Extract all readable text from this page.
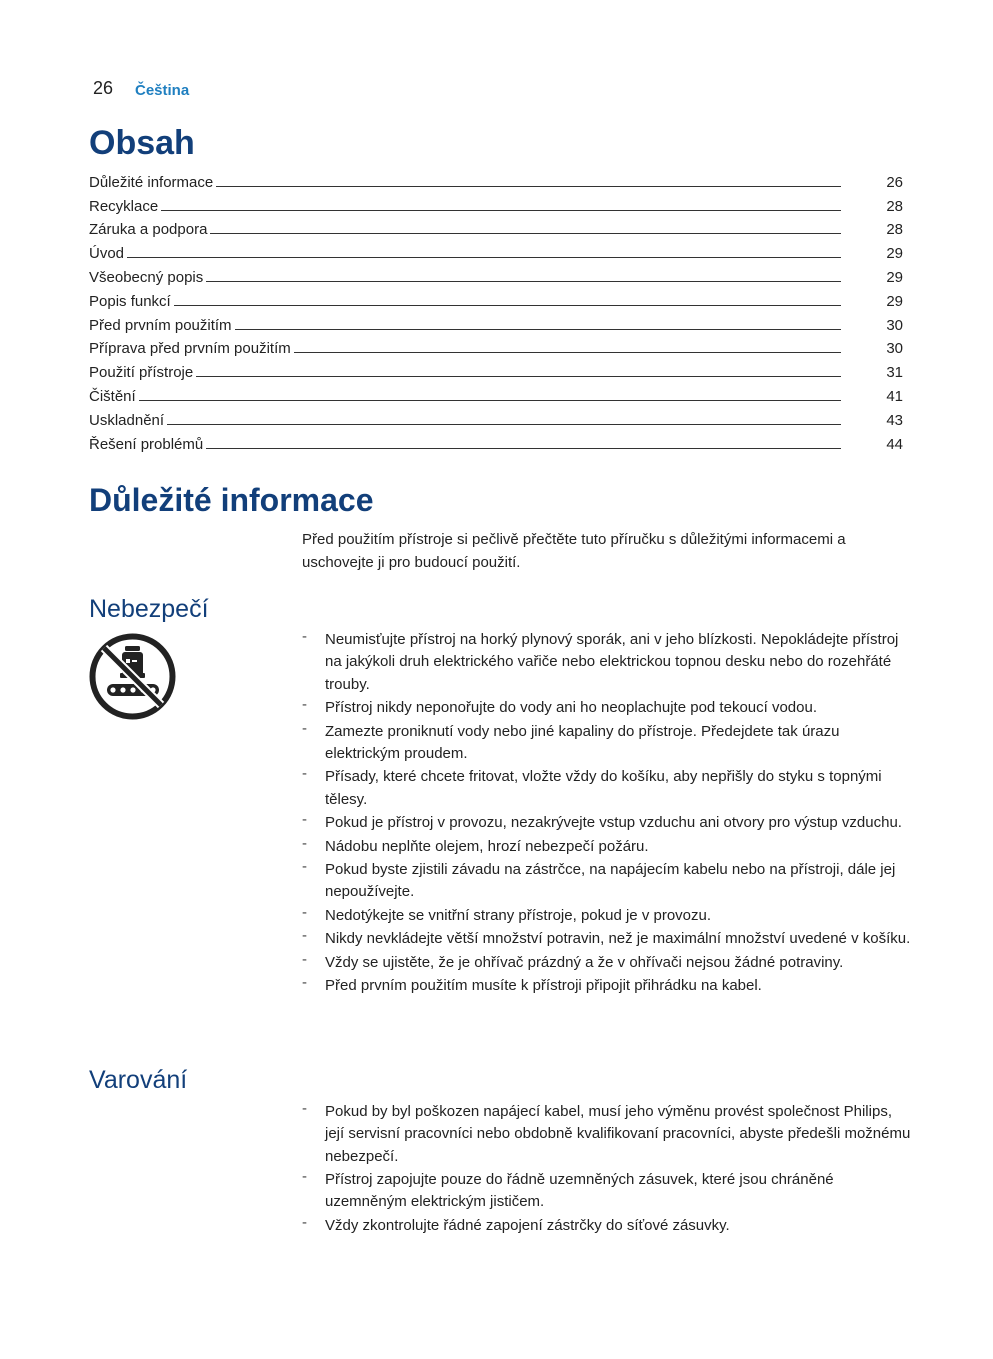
26 Čeština
Obsah
Důležité informace	26
Recyklace	28
Záruka a podpora	28
Úvod	29
Všeobecný popis	29
Popis funkcí	29
Před prvním použitím	30
Příprava před prvním použitím	30
Použití přístroje	31
Čištění	41
Uskladnění	43
Řešení problémů	44
Důležité informace
Před použitím přístroje si pečlivě přečtěte tuto příručku s důležitými informacemi a uschovejte ji pro budoucí použití.
Nebezpečí
- Neumisťujte přístroj na horký plynový sporák, ani v jeho blízkosti. Nepokládejte přístroj na jakýkoli druh elektrického vařiče nebo elektrickou topnou desku nebo do rozehřáté trouby.
- Přístroj nikdy neponořujte do vody ani ho neoplachujte pod tekoucí vodou.
- Zamezte proniknutí vody nebo jiné kapaliny do přístroje. Předejdete tak úrazu elektrickým proudem.
- Přísady, které chcete fritovat, vložte vždy do košíku, aby nepřišly do styku s topnými tělesy.
- Pokud je přístroj v provozu, nezakrývejte vstup vzduchu ani otvory pro výstup vzduchu.
- Nádobu neplňte olejem, hrozí nebezpečí požáru.
- Pokud byste zjistili závadu na zástrčce, na napájecím kabelu nebo na přístroji, dále jej nepoužívejte.
- Nedotýkejte se vnitřní strany přístroje, pokud je v provozu.
- Nikdy nevkládejte větší množství potravin, než je maximální množství uvedené v košíku.
- Vždy se ujistěte, že je ohřívač prázdný a že v ohřívači nejsou žádné potraviny.
- Před prvním použitím musíte k přístroji připojit přihrádku na kabel.
Varování
- Pokud by byl poškozen napájecí kabel, musí jeho výměnu provést společnost Philips, její servisní pracovníci nebo obdobně kvalifikovaní pracovníci, abyste předešli možnému nebezpečí.
- Přístroj zapojujte pouze do řádně uzemněných zásuvek, které jsou chráněné uzemněným elektrickým jističem.
- Vždy zkontrolujte řádné zapojení zástrčky do síťové zásuvky.
